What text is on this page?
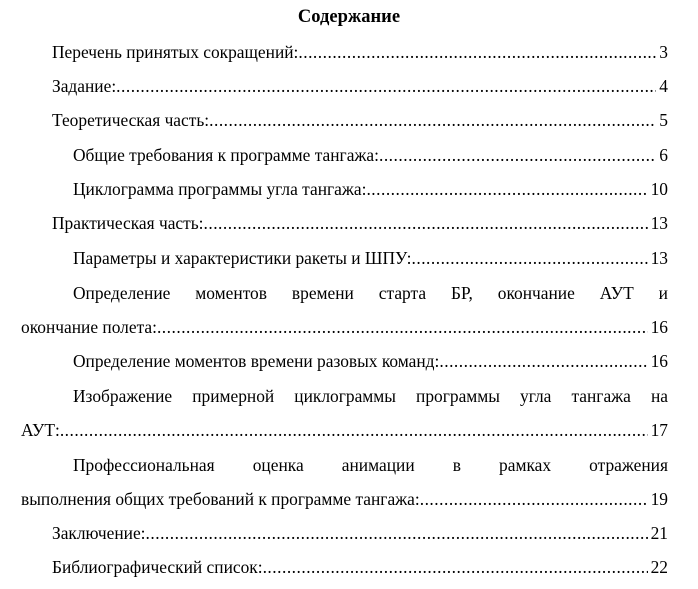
Содержание
Перечень принятых сокращений: .....	3
Задание: .....	4
Теоретическая часть: .....	5
Общие требования к программе тангажа: .....	6
Циклограмма программы угла тангажа: .....	10
Практическая часть: .....	13
Параметры и характеристики ракеты и ШПУ: .....	13
Определение моментов времени старта БР, окончание АУТ и
окончание полета: .....	16
Определение моментов времени разовых команд: .....	16
Изображение примерной циклограммы программы угла тангажа на
АУТ: .....	17
Профессиональная оценка анимации в рамках отражения
выполнения общих требований к программе тангажа: .....	19
Заключение: .....	21
Библиографический список: .....	22
